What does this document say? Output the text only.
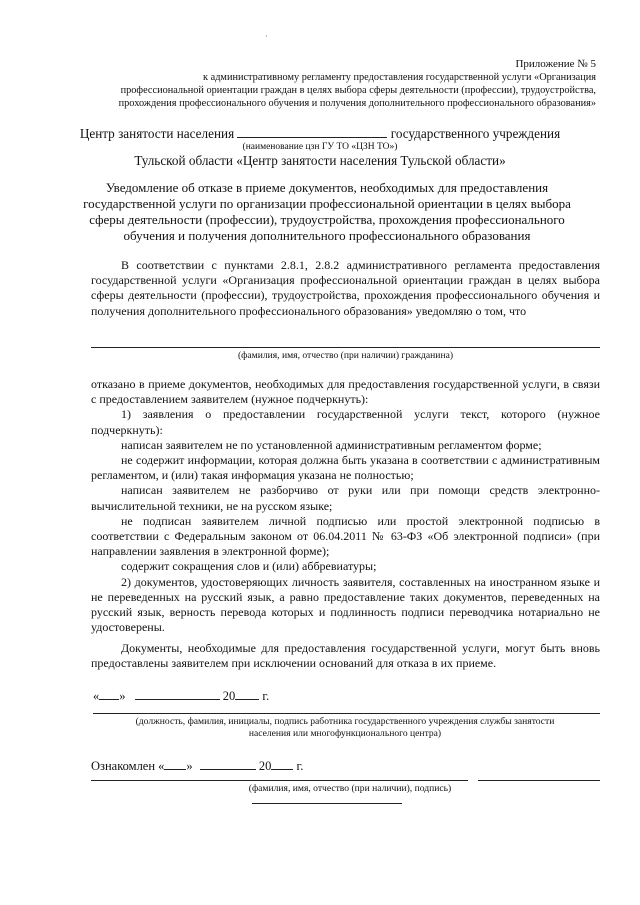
·
Приложение № 5
к административному регламенту предоставления государственной услуги «Организация
профессиональной ориентации граждан в целях выбора сферы деятельности (профессии), трудоустройства,
прохождения профессионального обучения и получения дополнительного профессионального образования»
Центр занятости населения	государственного учреждения
(наименование цзн ГУ ТО «ЦЗН ТО»)
Тульской области «Центр занятости населения Тульской области»
Уведомление об отказе в приеме документов, необходимых для предоставления
государственной услуги по организации профессиональной ориентации в целях выбора
сферы деятельности (профессии), трудоустройства, прохождения профессионального
обучения и получения дополнительного профессионального образования

В соответствии с пунктами 2.8.1, 2.8.2 административного регламента предоставления государственной услуги «Организация профессиональной ориентации граждан в целях выбора сферы деятельности (профессии), трудоустройства, прохождения профессионального обучения и получения дополнительного профессионального образования» уведомляю о том, что

(фамилия, имя, отчество (при наличии) гражданина)

отказано в приеме документов, необходимых для предоставления государственной услуги, в связи с предоставлением заявителем (нужное подчеркнуть):

1) заявления о предоставлении государственной услуги текст, которого (нужное подчеркнуть):

написан заявителем не по установленной административным регламентом форме;

не содержит информации, которая должна быть указана в соответствии с административным регламентом, и (или) такая информация указана не полностью;

написан заявителем не разборчиво от руки или при помощи средств электронно-вычислительной техники, не на русском языке;

не подписан заявителем личной подписью или простой электронной подписью в соответствии с Федеральным законом от 06.04.2011 № 63-ФЗ «Об электронной подписи» (при направлении заявления в электронной форме);

содержит сокращения слов и (или) аббревиатуры;

2) документов, удостоверяющих личность заявителя, составленных на иностранном языке и не переведенных на русский язык, а равно предоставление таких документов, переведенных на русский язык, верность перевода которых и подлинность подписи переводчика нотариально не удостоверены.

Документы, необходимые для предоставления государственной услуги, могут быть вновь предоставлены заявителем при исключении оснований для отказа в их приеме.

« »	20 г.
(должность, фамилия, инициалы, подпись работника государственного учреждения службы занятости
населения или многофункционального центра)
Ознакомлен « »	20 г.
(фамилия, имя, отчество (при наличии), подпись)
